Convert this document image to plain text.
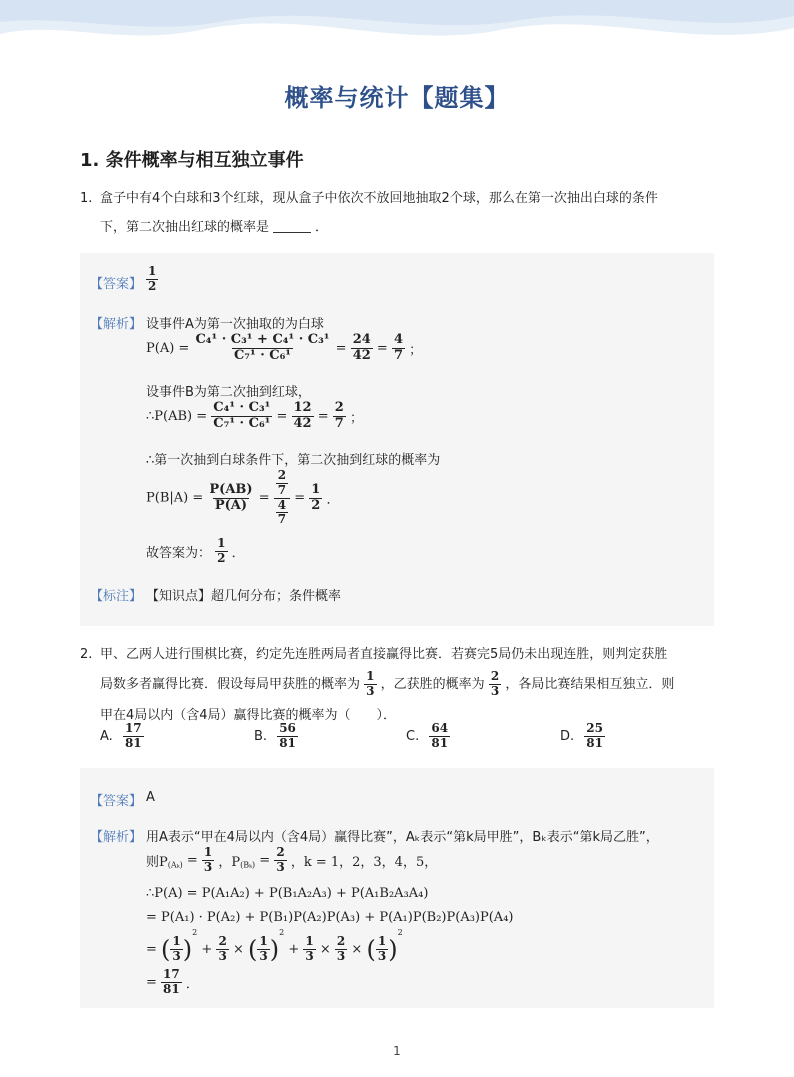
概率与统计【题集】
1. 条件概率与相互独立事件
1. 盒子中有4个白球和3个红球，现从盒子中依次不放回地抽取2个球，那么在第一次抽出白球的条件
下，第二次抽出红球的概率是	．
【答案】 $\frac{1}{2}$
【解析】 设事件A为第一次抽取的为白球
$P(A) = \frac{\text{C₄¹ · C₃¹ + C₄¹ · C₃¹}}{\text{C₇¹ · C₆¹}} = \frac{24}{42} = \frac{4}{7}$ ；
设事件B为第二次抽到红球，
∴P(AB) = $\frac{\text{C₄¹ · C₃¹}}{\text{C₇¹ · C₆¹}} = \frac{12}{42} = \frac{2}{7}$ ；
∴第一次抽到白球条件下，第二次抽到红球的概率为
$P(B|A) = \frac{P(AB)}{P(A)} = \frac{\frac{2}{7}}{\frac{4}{7}} = \frac{1}{2}$ ．
故答案为： $\frac{1}{2}$ ．
【标注】 【知识点】超几何分布；条件概率
2. 甲、乙两人进行围棋比赛，约定先连胜两局者直接赢得比赛．若赛完5局仍未出现连胜，则判定获胜
局数多者赢得比赛．假设每局甲获胜的概率为 $\frac{1}{3}$ ，乙获胜的概率为 $\frac{2}{3}$ ，各局比赛结果相互独立．则
甲在4局以内（含4局）赢得比赛的概率为（　　）．
A. $\frac{17}{81}$	B. $\frac{56}{81}$	C. $\frac{64}{81}$	D. $\frac{25}{81}$
【答案】 A
【解析】 用A表示“甲在4局以内（含4局）赢得比赛”，Aₖ表示“第k局甲胜”，Bₖ表示“第k局乙胜”，
则$P_{(A_k)} = \frac{1}{3}$ ，$P_{(B_k)} = \frac{2}{3}$ ，k = 1，2，3，4，5，
∴P(A) = P(A₁A₂) + P(B₁A₂A₃) + P(A₁B₂A₃A₄)
= P(A₁) · P(A₂) + P(B₁)P(A₂)P(A₃) + P(A₁)P(B₂)P(A₃)P(A₄)
= ( $\frac{1}{3} )^2 + \frac{2}{3}$ × ( $\frac{1}{3} )^2 + \frac{1}{3} \times \frac{2}{3}$ × ( $\frac{1}{3} )^2$
= $\frac{17}{81}$ ．
1
